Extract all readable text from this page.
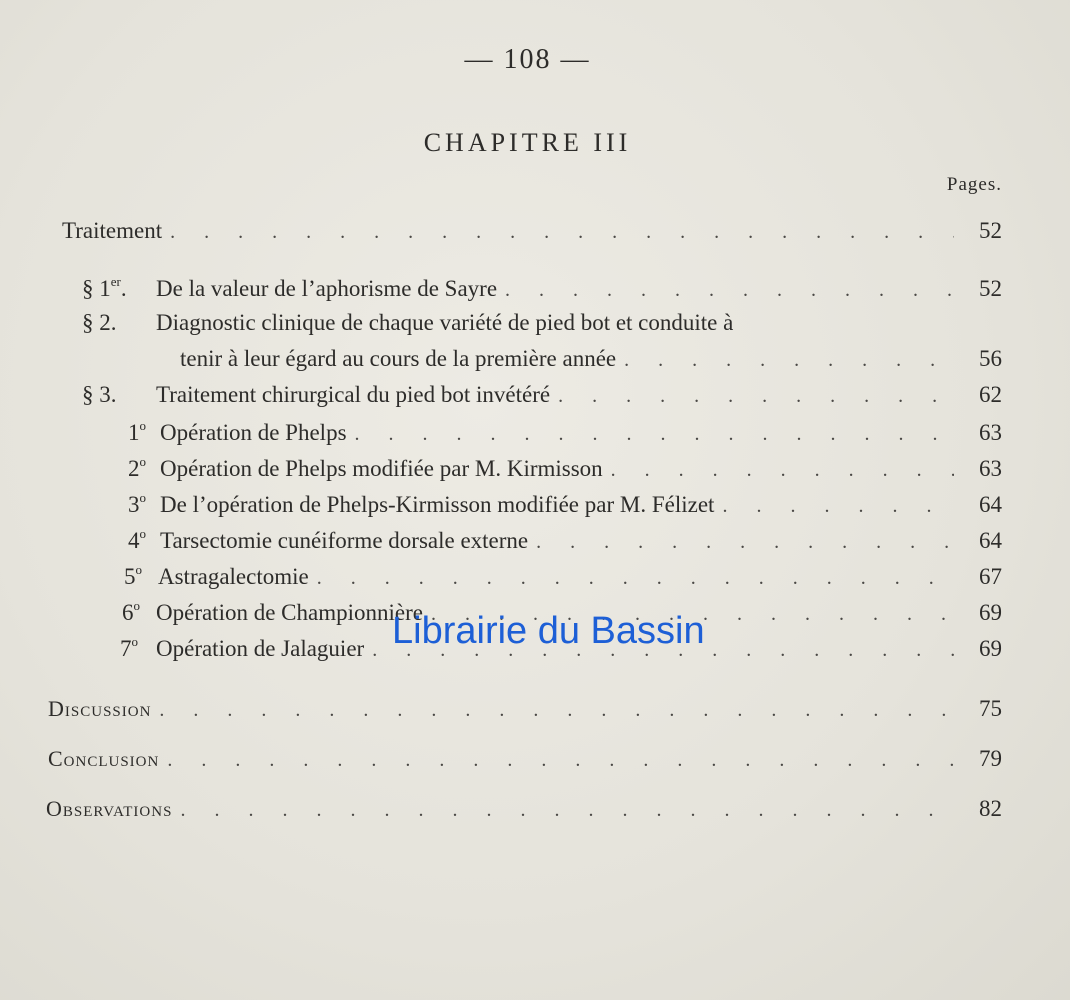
— 108 —
CHAPITRE III
Pages.
Traitement . . .	52
§ 1er.	De la valeur de l’aphorisme de Sayre . . .	52
§ 2.	Diagnostic clinique de chaque variété de pied bot et conduite à
tenir à leur égard au cours de la première année . . .	56
§ 3.	Traitement chirurgical du pied bot invétéré . . .	62
1$^o$ Opération de Phelps . . .	63
2$^o$ Opération de Phelps modifiée par M. Kirmisson . . .	63
3$^o$ De l’opération de Phelps-Kirmisson modifiée par M. Félizet . . .	64
4$^o$ Tarsectomie cunéiforme dorsale externe . . .	64
5$^o$ Astragalectomie . . .	67
6$^o$ Opération de Championnière . . .	69
7$^o$ Opération de Jalaguier . . .	69
Discussion . . .	75
Conclusion . . .	79
Observations . . .	82
Librairie du Bassin
